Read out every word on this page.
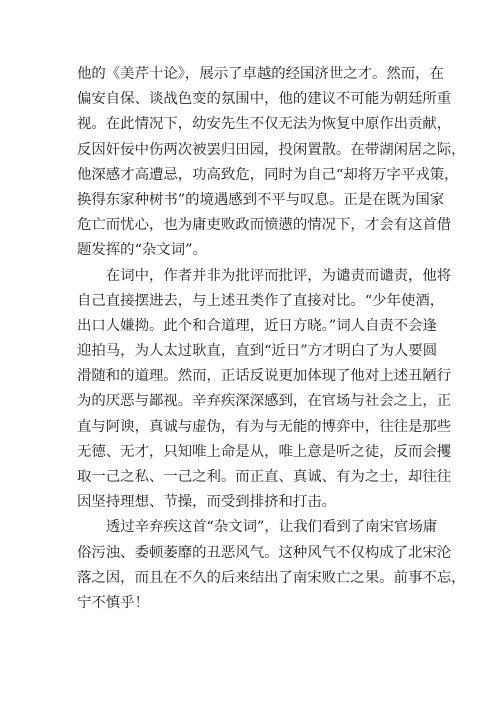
他的《美芹十论》，展示了卓越的经国济世之才。然而，在
偏安自保、谈战色变的氛围中，他的建议不可能为朝廷所重
视。在此情况下，幼安先生不仅无法为恢复中原作出贡献，
反因奸佞中伤两次被罢归田园，投闲置散。在带湖闲居之际，
他深感才高遭忌，功高致危，同时为自己“却将万字平戎策，
换得东家种树书”的境遇感到不平与叹息。正是在既为国家
危亡而忧心，也为庸吏败政而愤懑的情况下，才会有这首借
题发挥的“杂文词”。
在词中，作者并非为批评而批评，为谴责而谴责，他将
自己直接摆进去，与上述丑类作了直接对比。“少年使酒，
出口人嫌拗。此个和合道理，近日方晓。”词人自责不会逢
迎拍马，为人太过耿直，直到“近日”方才明白了为人要圆
滑随和的道理。然而，正话反说更加体现了他对上述丑陋行
为的厌恶与鄙视。辛弃疾深深感到，在官场与社会之上，正
直与阿谀，真诚与虚伪，有为与无能的博弈中，往往是那些
无德、无才，只知唯上命是从，唯上意是听之徒，反而会攫
取一己之私、一己之利。而正直、真诚、有为之士，却往往
因坚持理想、节操，而受到排挤和打击。
透过辛弃疾这首“杂文词”，让我们看到了南宋官场庸
俗污浊、委顿萎靡的丑恶风气。这种风气不仅构成了北宋沦
落之因，而且在不久的后来结出了南宋败亡之果。前事不忘，
宁不慎乎！
